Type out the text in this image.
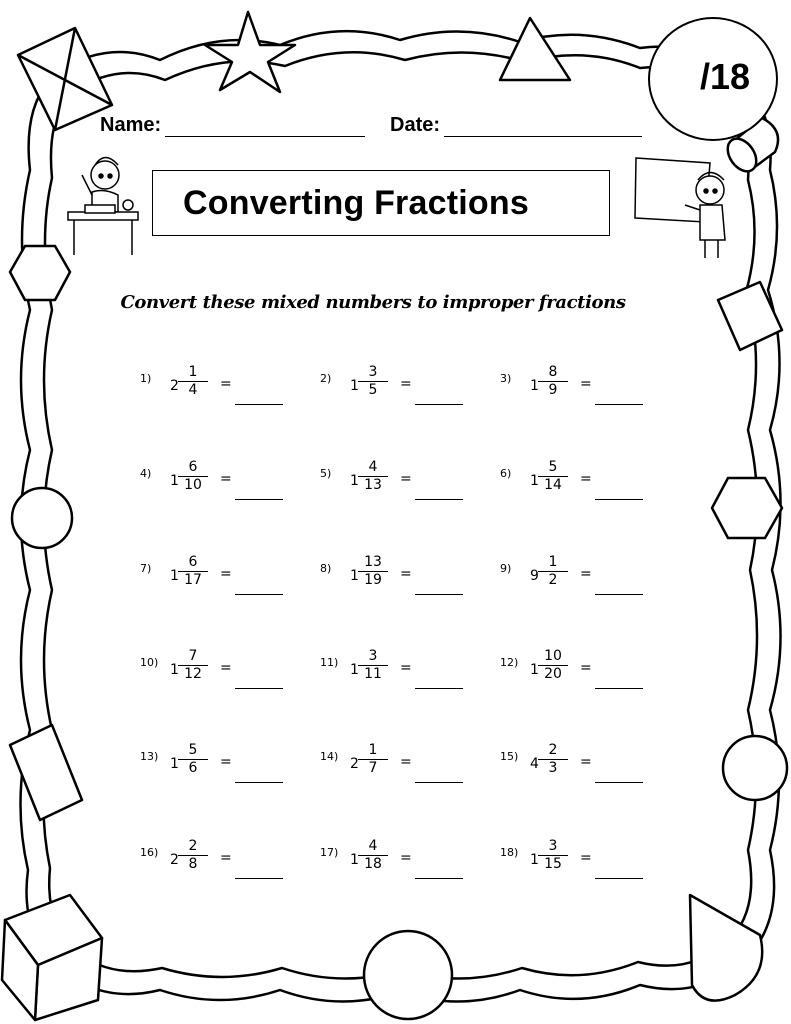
/18
Name:	Date:
Converting Fractions
Convert these mixed numbers to improper fractions
1) 2
1
4	=	2) 1
3
5	=	3) 1
8
9	=
4) 1
6
10 =	5) 1
4
13 =	6) 1
5
14 =
7) 1
6
17 =	8) 1
13
19 =	9) 9
1
2	=
10) 1
7
12 =	11) 1
3
11 =	12) 1
10
20 =
13) 1
5
6	=	14) 2
1
7	=	15) 4
2
3	=
16) 2
2
8	=	17) 1
4
18 =	18) 1
3
15 =
